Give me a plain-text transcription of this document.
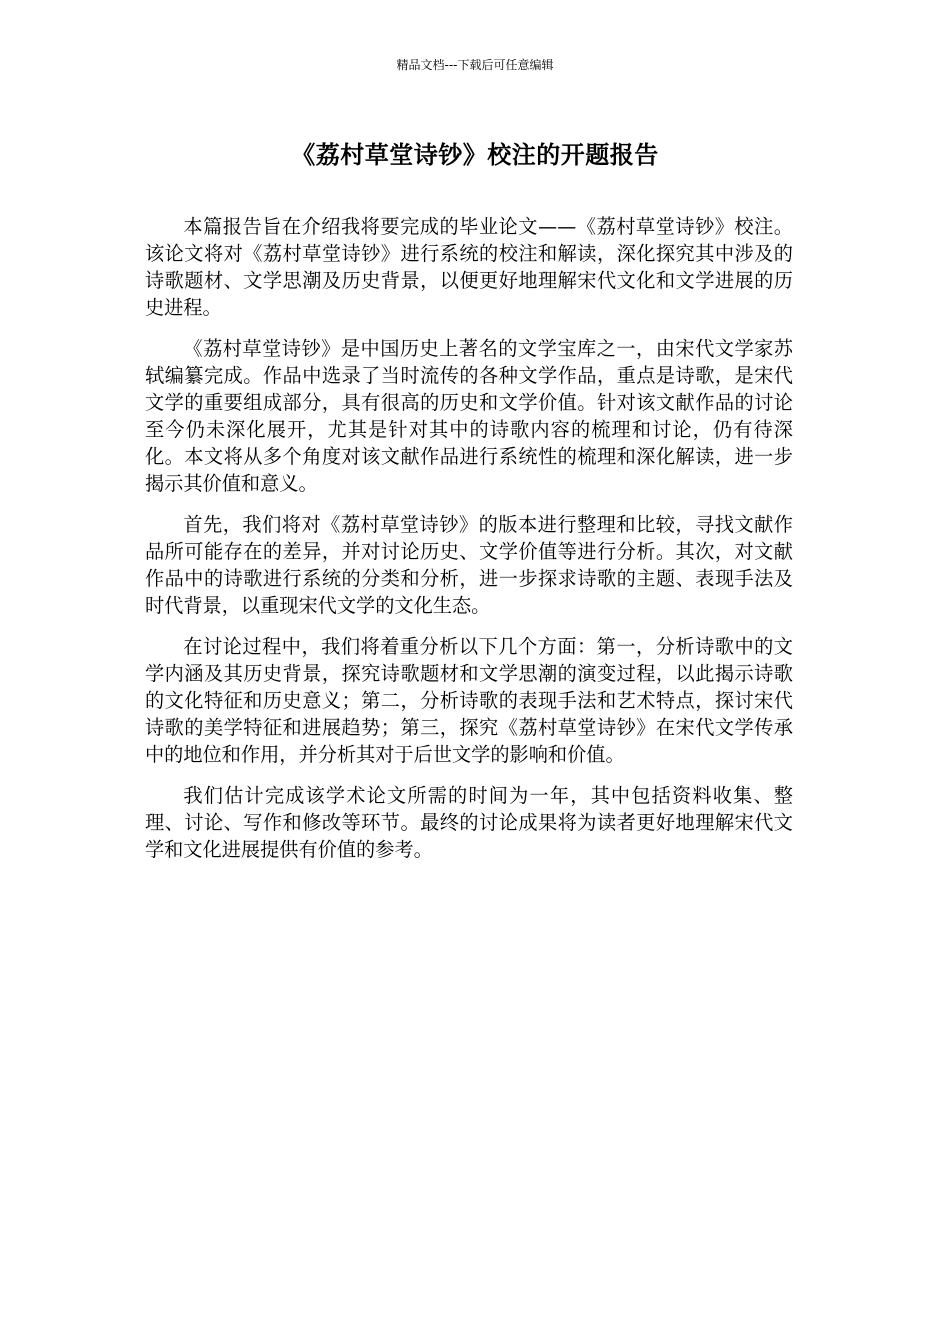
精品文档---下载后可任意编辑
《荔村草堂诗钞》校注的开题报告

本篇报告旨在介绍我将要完成的毕业论文——《荔村草堂诗钞》校注。该论文将对《荔村草堂诗钞》进行系统的校注和解读，深化探究其中涉及的诗歌题材、文学思潮及历史背景，以便更好地理解宋代文化和文学进展的历史进程。

《荔村草堂诗钞》是中国历史上著名的文学宝库之一，由宋代文学家苏轼编纂完成。作品中选录了当时流传的各种文学作品，重点是诗歌，是宋代文学的重要组成部分，具有很高的历史和文学价值。针对该文献作品的讨论至今仍未深化展开，尤其是针对其中的诗歌内容的梳理和讨论，仍有待深化。本文将从多个角度对该文献作品进行系统性的梳理和深化解读，进一步揭示其价值和意义。

首先，我们将对《荔村草堂诗钞》的版本进行整理和比较，寻找文献作品所可能存在的差异，并对讨论历史、文学价值等进行分析。其次，对文献作品中的诗歌进行系统的分类和分析，进一步探求诗歌的主题、表现手法及时代背景，以重现宋代文学的文化生态。

在讨论过程中，我们将着重分析以下几个方面：第一，分析诗歌中的文学内涵及其历史背景，探究诗歌题材和文学思潮的演变过程，以此揭示诗歌的文化特征和历史意义；第二，分析诗歌的表现手法和艺术特点，探讨宋代诗歌的美学特征和进展趋势；第三，探究《荔村草堂诗钞》在宋代文学传承中的地位和作用，并分析其对于后世文学的影响和价值。

我们估计完成该学术论文所需的时间为一年，其中包括资料收集、整理、讨论、写作和修改等环节。最终的讨论成果将为读者更好地理解宋代文学和文化进展提供有价值的参考。
